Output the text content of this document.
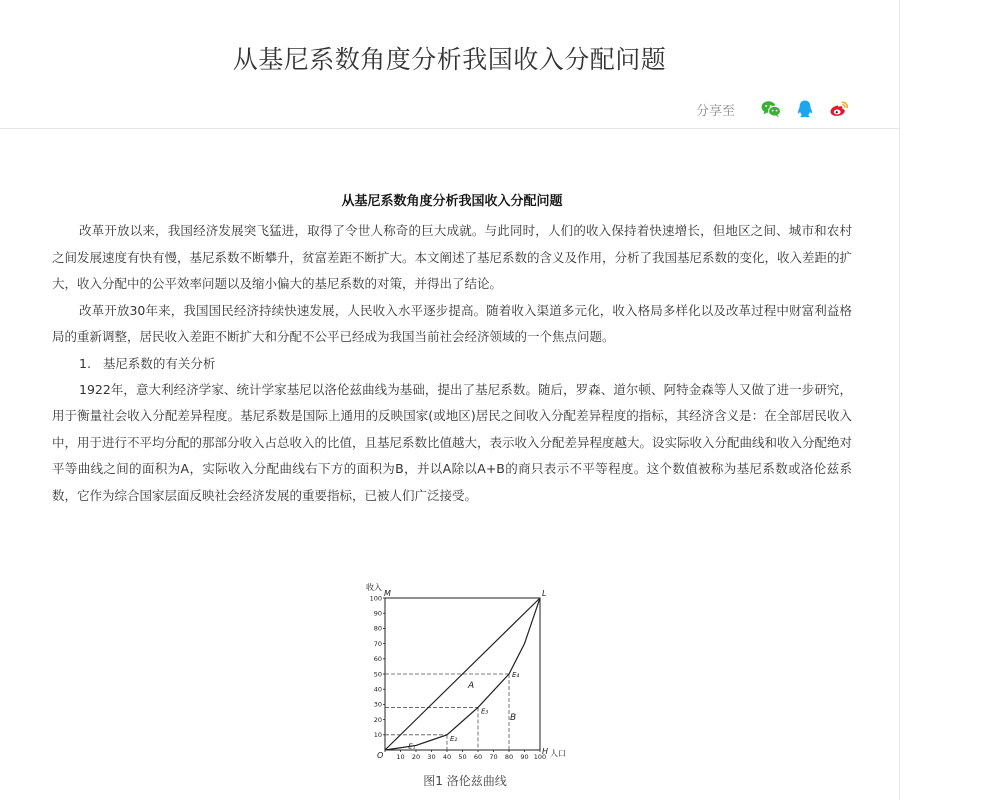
从基尼系数角度分析我国收入分配问题
分享至
从基尼系数角度分析我国收入分配问题

改革开放以来，我国经济发展突飞猛进，取得了令世人称奇的巨大成就。与此同时，人们的收入保持着快速增长，但地区之间、城市和农村之间发展速度有快有慢，基尼系数不断攀升，贫富差距不断扩大。本文阐述了基尼系数的含义及作用，分析了我国基尼系数的变化，收入差距的扩大，收入分配中的公平效率问题以及缩小偏大的基尼系数的对策，并得出了结论。

改革开放30年来，我国国民经济持续快速发展，人民收入水平逐步提高。随着收入渠道多元化，收入格局多样化以及改革过程中财富利益格局的重新调整，居民收入差距不断扩大和分配不公平已经成为我国当前社会经济领域的一个焦点问题。

1.   基尼系数的有关分析

1922年，意大利经济学家、统计学家基尼以洛伦兹曲线为基础，提出了基尼系数。随后，罗森、道尔顿、阿特金森等人又做了进一步研究，用于衡量社会收入分配差异程度。基尼系数是国际上通用的反映国家(或地区)居民之间收入分配差异程度的指标，其经济含义是：在全部居民收入中，用于进行不平均分配的那部分收入占总收入的比值，且基尼系数比值越大，表示收入分配差异程度越大。设实际收入分配曲线和收入分配绝对平等曲线之间的面积为A，实际收入分配曲线右下方的面积为B，并以A除以A+B的商只表示不平等程度。这个数值被称为基尼系数或洛伦兹系数，它作为综合国家层面反映社会经济发展的重要指标，已被人们广泛接受。

收入
M	L
H 人口
O
A
B
10
10
20
20
30
30
40
40
50
50
60
60
70
70
80
80
90
90
100
100
E₂
E₃
E₄
E₁
图1 洛伦兹曲线
